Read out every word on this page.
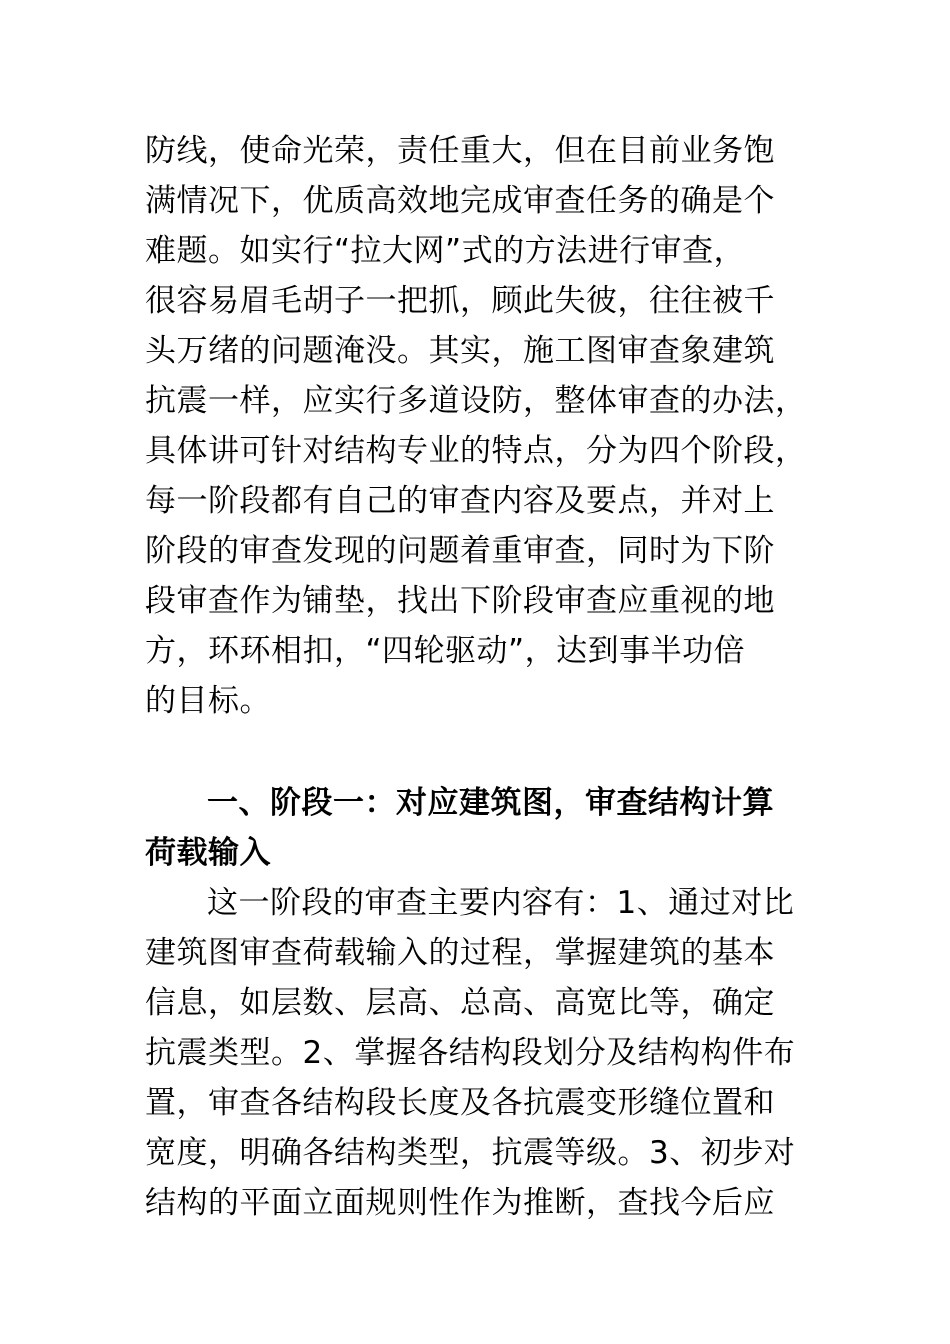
防线，使命光荣，责任重大，但在目前业务饱
满情况下，优质高效地完成审查任务的确是个
难题。如实行“拉大网”式的方法进行审查，
很容易眉毛胡子一把抓，顾此失彼，往往被千
头万绪的问题淹没。其实，施工图审查象建筑
抗震一样，应实行多道设防，整体审查的办法，
具体讲可针对结构专业的特点，分为四个阶段，
每一阶段都有自己的审查内容及要点，并对上
阶段的审查发现的问题着重审查，同时为下阶
段审查作为铺垫，找出下阶段审查应重视的地
方，环环相扣，“四轮驱动”，达到事半功倍
的目标。
一、阶段一：对应建筑图，审查结构计算
荷载输入
这一阶段的审查主要内容有：1、通过对比
建筑图审查荷载输入的过程，掌握建筑的基本
信息，如层数、层高、总高、高宽比等，确定
抗震类型。2、掌握各结构段划分及结构构件布
置，审查各结构段长度及各抗震变形缝位置和
宽度，明确各结构类型，抗震等级。3、初步对
结构的平面立面规则性作为推断，查找今后应
